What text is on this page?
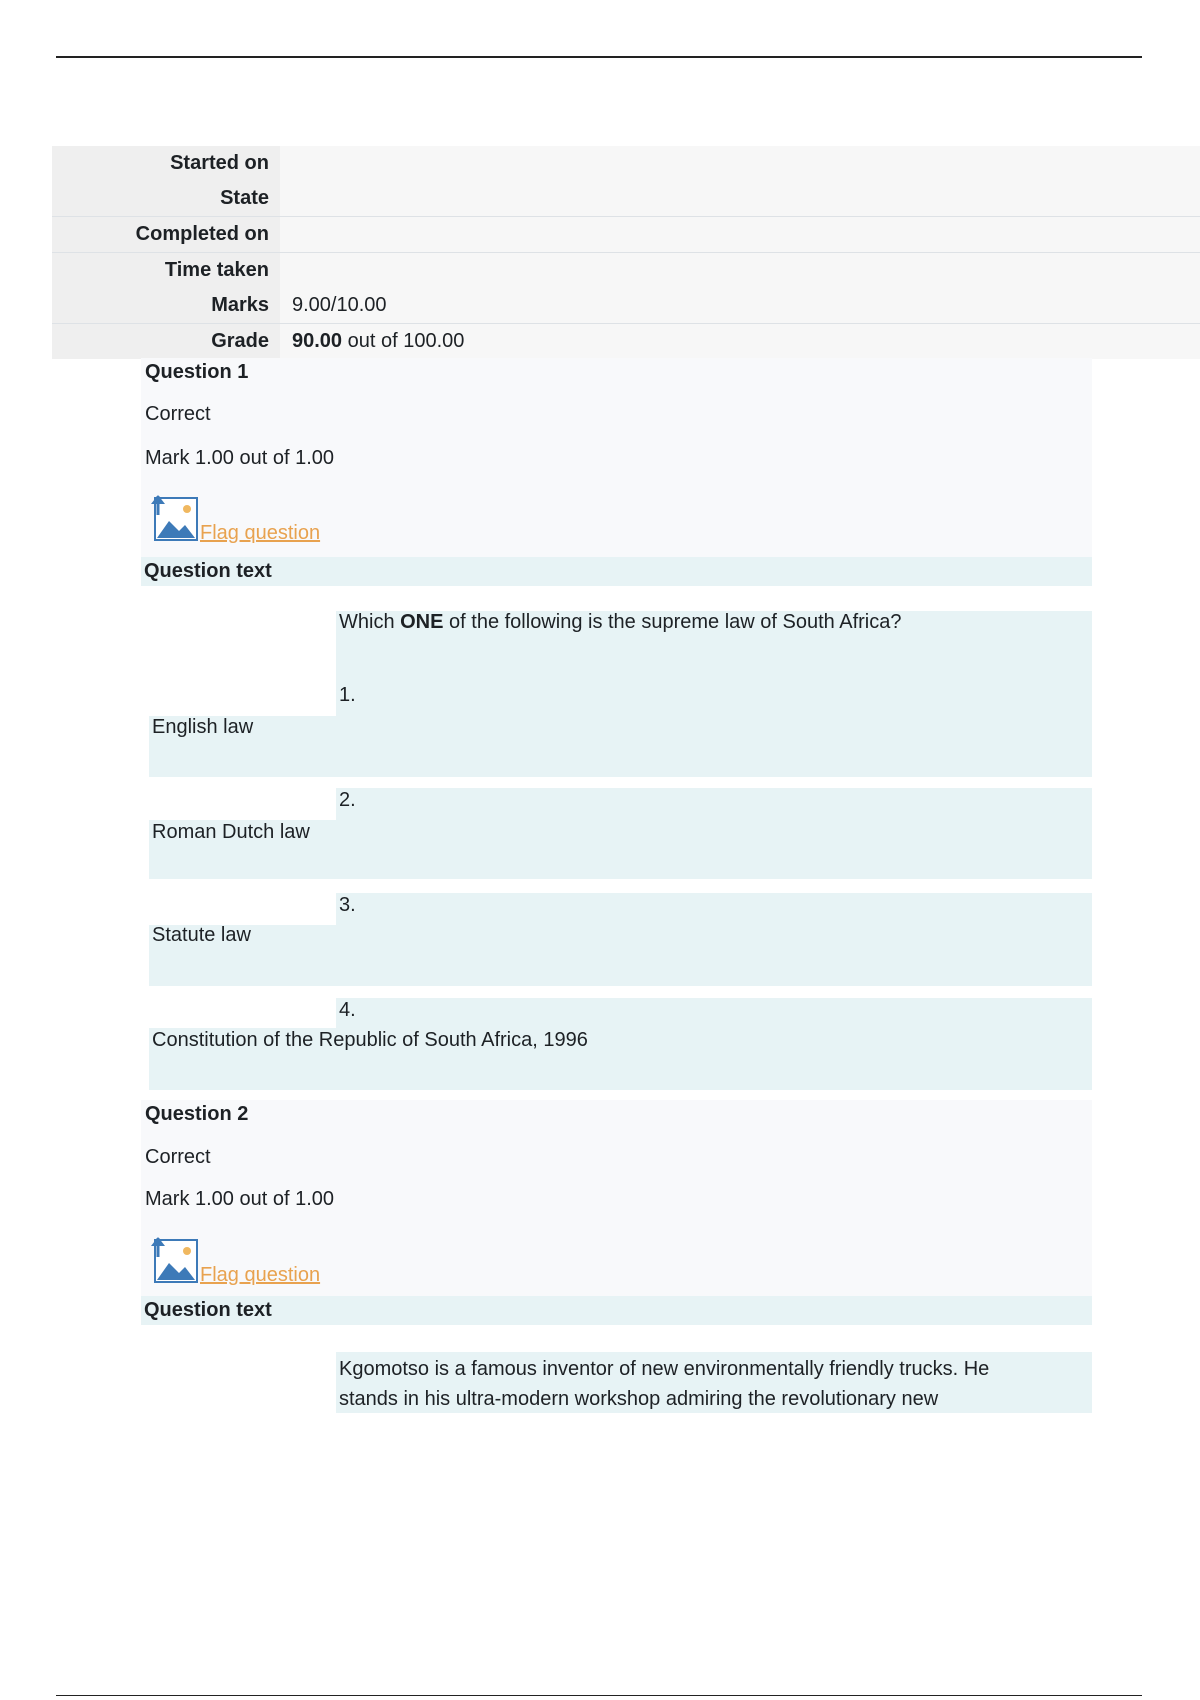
Started on
State
Completed on
Time taken
Marks	9.00/10.00
Grade	90.00 out of 100.00
Question 1
Correct
Mark 1.00 out of 1.00
Flag question
Question text
Which ONE of the following is the supreme law of South Africa?
1.
English law
2.
Roman Dutch law
3.
Statute law
4.
Constitution of the Republic of South Africa, 1996
Question 2
Correct
Mark 1.00 out of 1.00
Flag question
Question text
Kgomotso is a famous inventor of new environmentally friendly trucks. He
stands in his ultra-modern workshop admiring the revolutionary new
